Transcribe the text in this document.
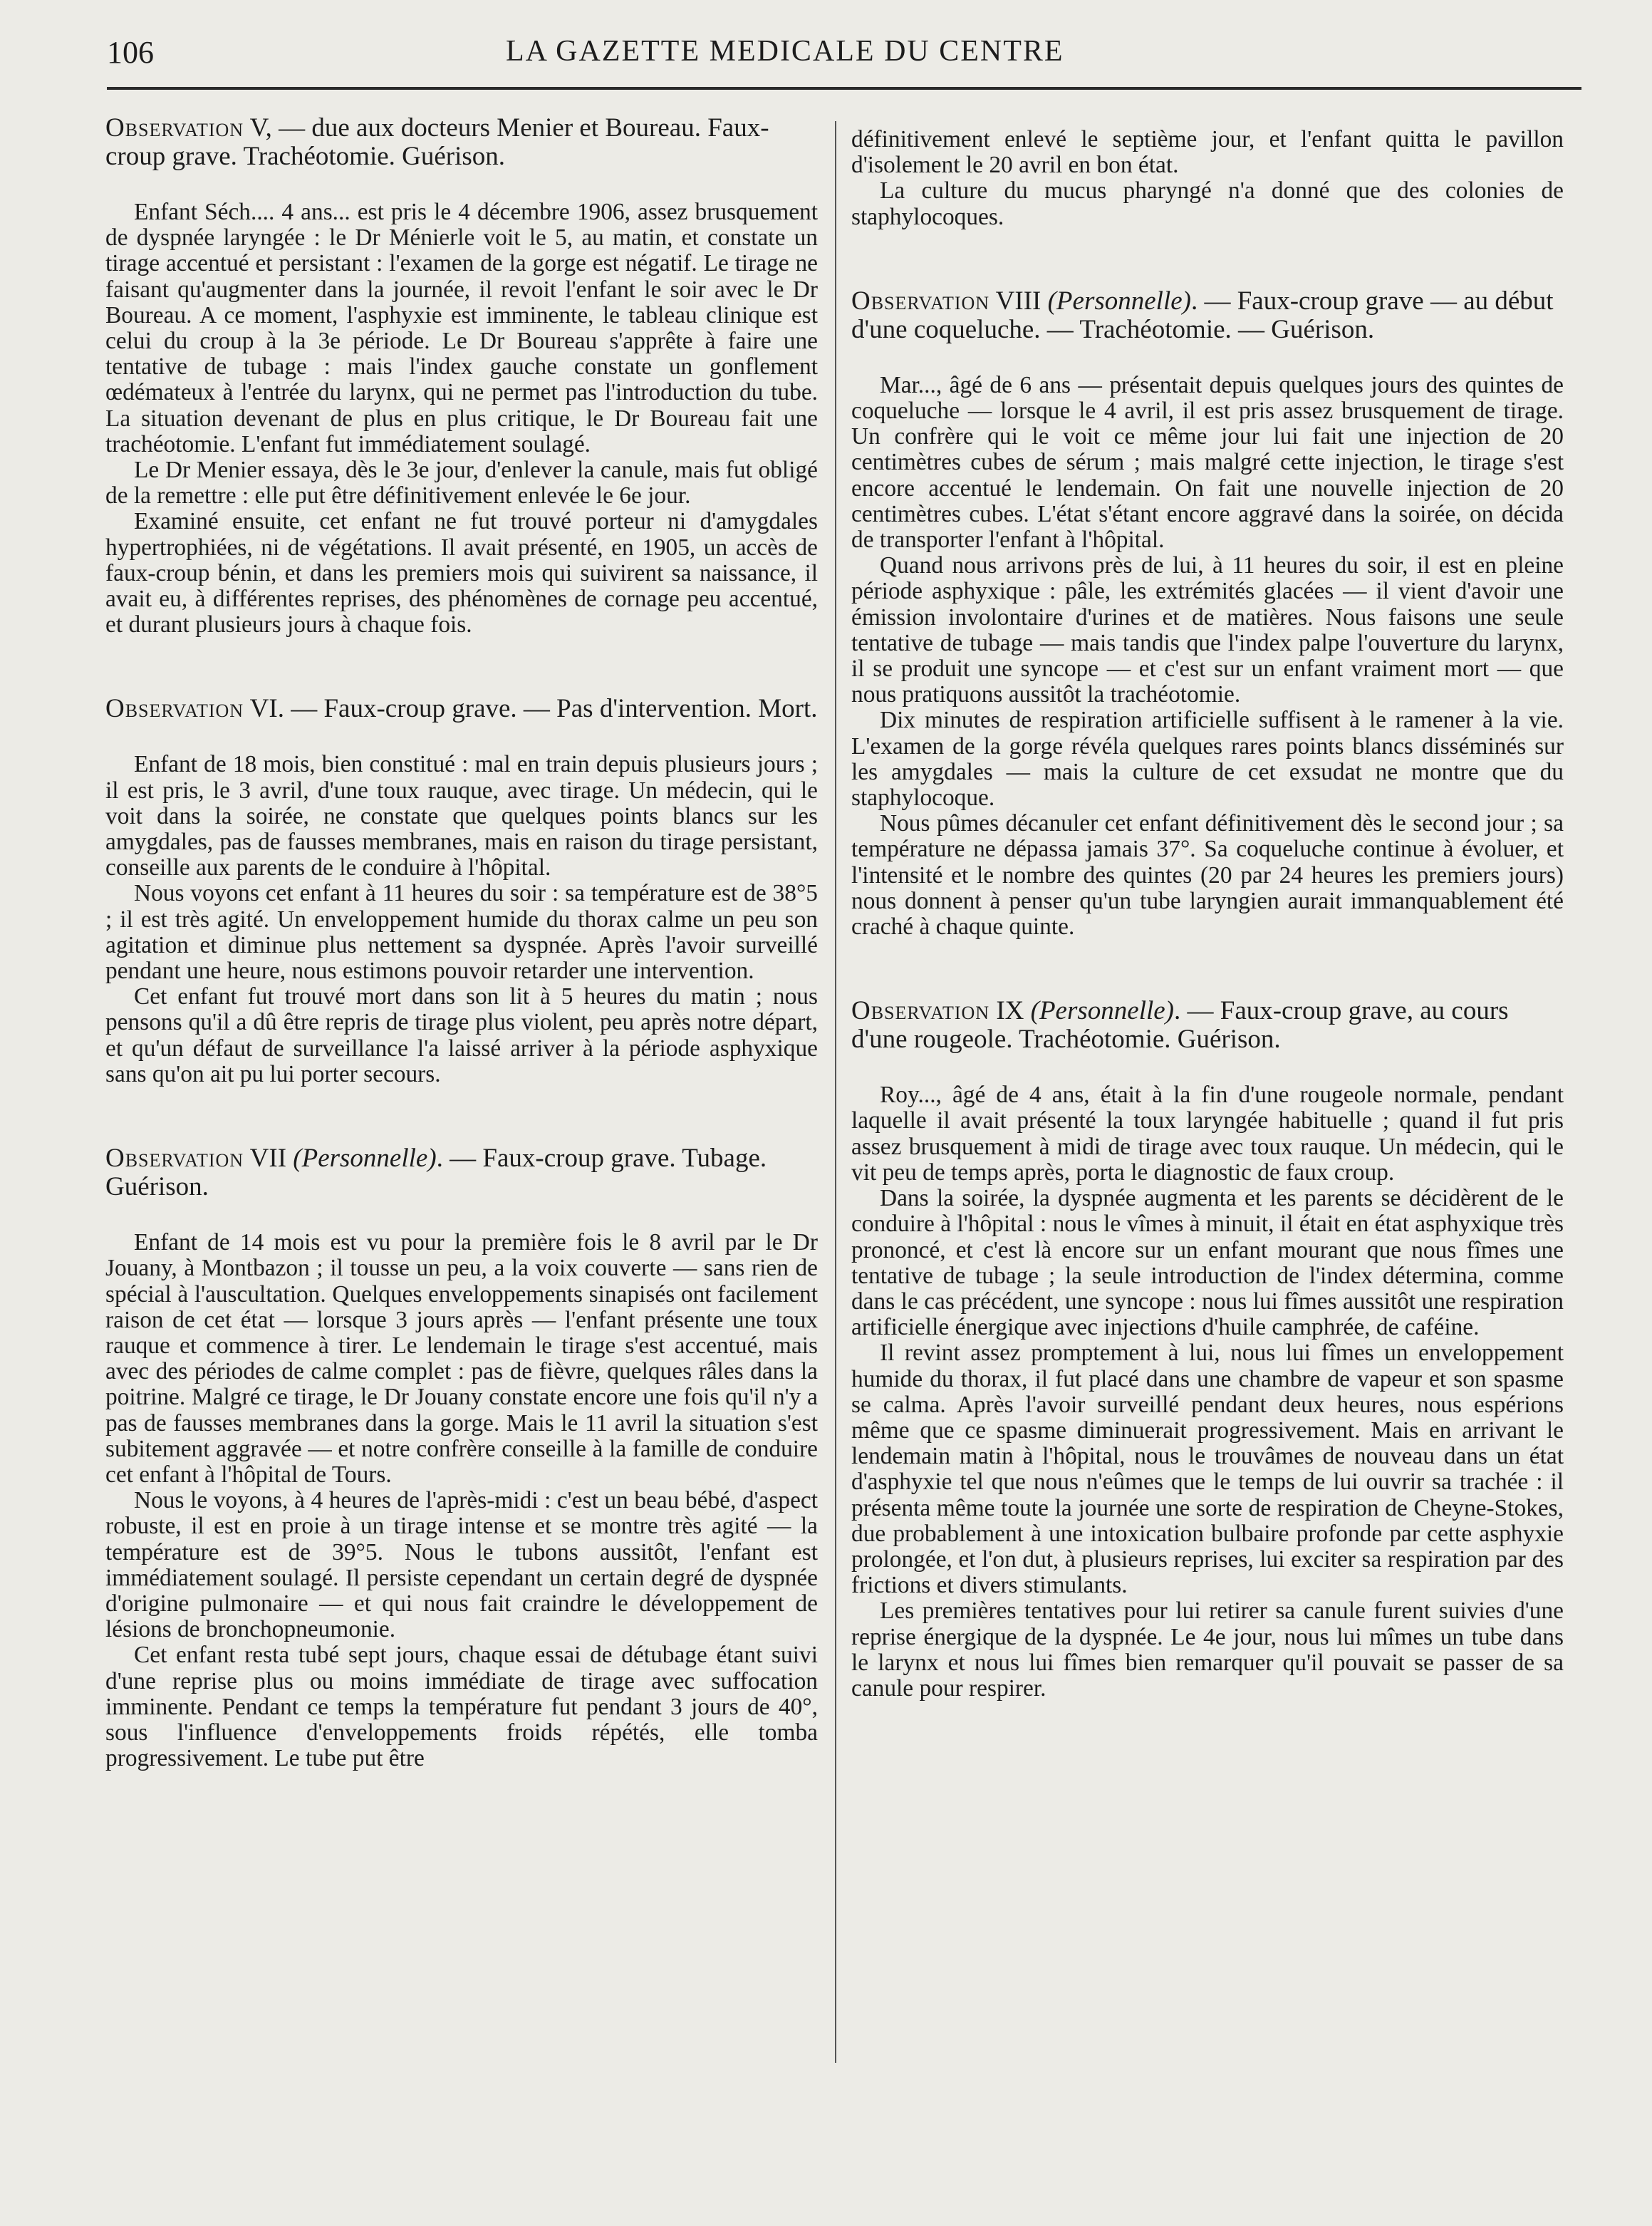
106	LA GAZETTE MEDICALE DU CENTRE

Observation V, — due aux docteurs Menier et Boureau. Faux-croup grave. Trachéotomie. Guérison.

Enfant Séch.... 4 ans... est pris le 4 décembre 1906, assez brusquement de dyspnée laryngée : le Dr Ménierle voit le 5, au matin, et constate un tirage accentué et persistant : l'examen de la gorge est négatif. Le tirage ne faisant qu'augmenter dans la journée, il revoit l'enfant le soir avec le Dr Boureau. A ce moment, l'asphyxie est imminente, le tableau clinique est celui du croup à la 3e période. Le Dr Boureau s'apprête à faire une tentative de tubage : mais l'index gauche constate un gonflement œdémateux à l'entrée du larynx, qui ne permet pas l'introduction du tube. La situation devenant de plus en plus critique, le Dr Boureau fait une trachéotomie. L'enfant fut immédiatement soulagé.

Le Dr Menier essaya, dès le 3e jour, d'enlever la canule, mais fut obligé de la remettre : elle put être définitivement enlevée le 6e jour.

Examiné ensuite, cet enfant ne fut trouvé porteur ni d'amygdales hypertrophiées, ni de végétations. Il avait présenté, en 1905, un accès de faux-croup bénin, et dans les premiers mois qui suivirent sa naissance, il avait eu, à différentes reprises, des phénomènes de cornage peu accentué, et durant plusieurs jours à chaque fois.

Observation VI. — Faux-croup grave. — Pas d'intervention. Mort.

Enfant de 18 mois, bien constitué : mal en train depuis plusieurs jours ; il est pris, le 3 avril, d'une toux rauque, avec tirage. Un médecin, qui le voit dans la soirée, ne constate que quelques points blancs sur les amygdales, pas de fausses membranes, mais en raison du tirage persistant, conseille aux parents de le conduire à l'hôpital.

Nous voyons cet enfant à 11 heures du soir : sa température est de 38°5 ; il est très agité. Un enveloppement humide du thorax calme un peu son agitation et diminue plus nettement sa dyspnée. Après l'avoir surveillé pendant une heure, nous estimons pouvoir retarder une intervention.

Cet enfant fut trouvé mort dans son lit à 5 heures du matin ; nous pensons qu'il a dû être repris de tirage plus violent, peu après notre départ, et qu'un défaut de surveillance l'a laissé arriver à la période asphyxique sans qu'on ait pu lui porter secours.

Observation VII (Personnelle). — Faux-croup grave. Tubage. Guérison.

Enfant de 14 mois est vu pour la première fois le 8 avril par le Dr Jouany, à Montbazon ; il tousse un peu, a la voix couverte — sans rien de spécial à l'auscultation. Quelques enveloppements sinapisés ont facilement raison de cet état — lorsque 3 jours après — l'enfant présente une toux rauque et commence à tirer. Le lendemain le tirage s'est accentué, mais avec des périodes de calme complet : pas de fièvre, quelques râles dans la poitrine. Malgré ce tirage, le Dr Jouany constate encore une fois qu'il n'y a pas de fausses membranes dans la gorge. Mais le 11 avril la situation s'est subitement aggravée — et notre confrère conseille à la famille de conduire cet enfant à l'hôpital de Tours.

Nous le voyons, à 4 heures de l'après-midi : c'est un beau bébé, d'aspect robuste, il est en proie à un tirage intense et se montre très agité — la température est de 39°5. Nous le tubons aussitôt, l'enfant est immédiatement soulagé. Il persiste cependant un certain degré de dyspnée d'origine pulmonaire — et qui nous fait craindre le développement de lésions de bronchopneumonie.

Cet enfant resta tubé sept jours, chaque essai de détubage étant suivi d'une reprise plus ou moins immédiate de tirage avec suffocation imminente. Pendant ce temps la température fut pendant 3 jours de 40°, sous l'influence d'enveloppements froids répétés, elle tomba progressivement. Le tube put être

définitivement enlevé le septième jour, et l'enfant quitta le pavillon d'isolement le 20 avril en bon état.

La culture du mucus pharyngé n'a donné que des colonies de staphylocoques.

Observation VIII (Personnelle). — Faux-croup grave — au début d'une coqueluche. — Trachéotomie. — Guérison.

Mar..., âgé de 6 ans — présentait depuis quelques jours des quintes de coqueluche — lorsque le 4 avril, il est pris assez brusquement de tirage. Un confrère qui le voit ce même jour lui fait une injection de 20 centimètres cubes de sérum ; mais malgré cette injection, le tirage s'est encore accentué le lendemain. On fait une nouvelle injection de 20 centimètres cubes. L'état s'étant encore aggravé dans la soirée, on décida de transporter l'enfant à l'hôpital.

Quand nous arrivons près de lui, à 11 heures du soir, il est en pleine période asphyxique : pâle, les extrémités glacées — il vient d'avoir une émission involontaire d'urines et de matières. Nous faisons une seule tentative de tubage — mais tandis que l'index palpe l'ouverture du larynx, il se produit une syncope — et c'est sur un enfant vraiment mort — que nous pratiquons aussitôt la trachéotomie.

Dix minutes de respiration artificielle suffisent à le ramener à la vie. L'examen de la gorge révéla quelques rares points blancs disséminés sur les amygdales — mais la culture de cet exsudat ne montre que du staphylocoque.

Nous pûmes décanuler cet enfant définitivement dès le second jour ; sa température ne dépassa jamais 37°. Sa coqueluche continue à évoluer, et l'intensité et le nombre des quintes (20 par 24 heures les premiers jours) nous donnent à penser qu'un tube laryngien aurait immanquablement été craché à chaque quinte.

Observation IX (Personnelle). — Faux-croup grave, au cours d'une rougeole. Trachéotomie. Guérison.

Roy..., âgé de 4 ans, était à la fin d'une rougeole normale, pendant laquelle il avait présenté la toux laryngée habituelle ; quand il fut pris assez brusquement à midi de tirage avec toux rauque. Un médecin, qui le vit peu de temps après, porta le diagnostic de faux croup.

Dans la soirée, la dyspnée augmenta et les parents se décidèrent de le conduire à l'hôpital : nous le vîmes à minuit, il était en état asphyxique très prononcé, et c'est là encore sur un enfant mourant que nous fîmes une tentative de tubage ; la seule introduction de l'index détermina, comme dans le cas précédent, une syncope : nous lui fîmes aussitôt une respiration artificielle énergique avec injections d'huile camphrée, de caféine.

Il revint assez promptement à lui, nous lui fîmes un enveloppement humide du thorax, il fut placé dans une chambre de vapeur et son spasme se calma. Après l'avoir surveillé pendant deux heures, nous espérions même que ce spasme diminuerait progressivement. Mais en arrivant le lendemain matin à l'hôpital, nous le trouvâmes de nouveau dans un état d'asphyxie tel que nous n'eûmes que le temps de lui ouvrir sa trachée : il présenta même toute la journée une sorte de respiration de Cheyne-Stokes, due probablement à une intoxication bulbaire profonde par cette asphyxie prolongée, et l'on dut, à plusieurs reprises, lui exciter sa respiration par des frictions et divers stimulants.

Les premières tentatives pour lui retirer sa canule furent suivies d'une reprise énergique de la dyspnée. Le 4e jour, nous lui mîmes un tube dans le larynx et nous lui fîmes bien remarquer qu'il pouvait se passer de sa canule pour respirer.
